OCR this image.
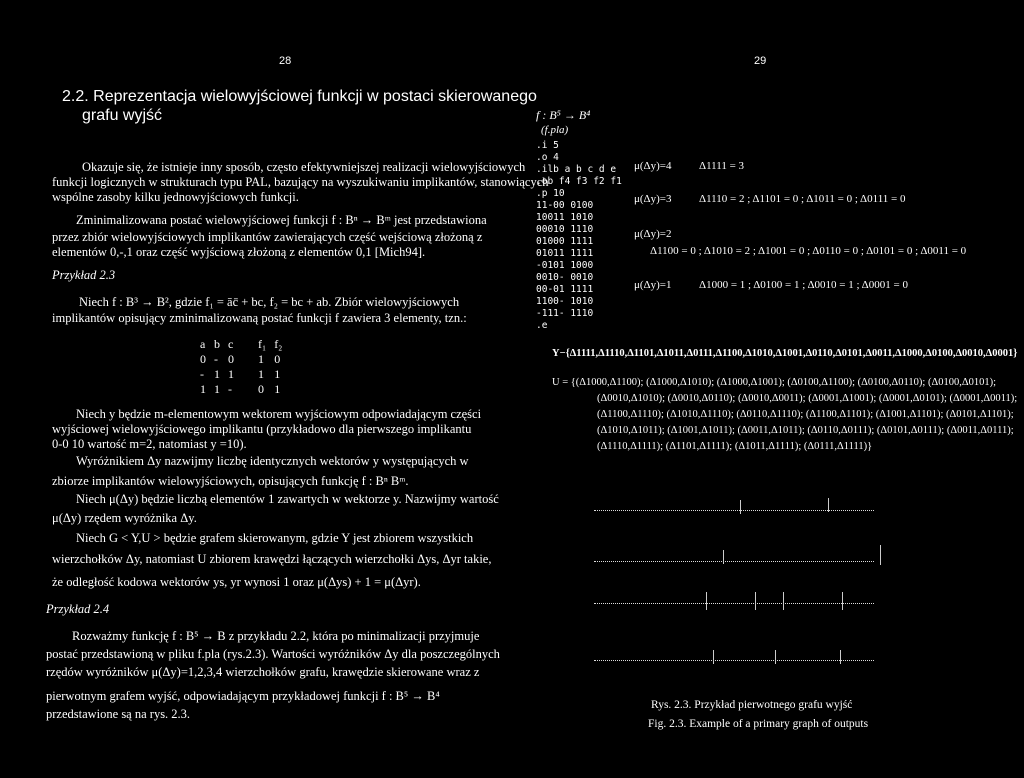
28	29
2.2. Reprezentacja wielowyjściowej funkcji w postaci skierowanego
grafu wyjść
Okazuje się, że istnieje inny sposób, często efektywniejszej realizacji wielowyjściowych
funkcji logicznych w strukturach typu PAL, bazujący na wyszukiwaniu implikantów, stanowiących
wspólne zasoby kilku jednowyjściowych funkcji.
Zminimalizowana postać wielowyjściowej funkcji f : Bⁿ → Bᵐ jest przedstawiona
przez zbiór wielowyjściowych implikantów zawierających część wejściową złożoną z
elementów 0,-,1 oraz część wyjściową złożoną z elementów 0,1 [Mich94].
Przykład 2.3
Niech f : B³ → B², gdzie f₁ = āc̄ + bc, f₂ = bc + ab. Zbiór wielowyjściowych
implikantów opisujący zminimalizowaną postać funkcji f zawiera 3 elementy, tzn.:
a	b	c	f₁	f₂
0	-	0	1	0
-	1	1	1	1
1	1	-	0	1
Niech y będzie m-elementowym wektorem wyjściowym odpowiadającym części
wyjściowej wielowyjściowego implikantu (przykładowo dla pierwszego implikantu
0-0 10 wartość m=2, natomiast y =10).
Wyróżnikiem Δy nazwijmy liczbę identycznych wektorów y występujących w
zbiorze implikantów wielowyjściowych, opisujących funkcję f : Bⁿ Bᵐ.
Niech μ(Δy) będzie liczbą elementów 1 zawartych w wektorze y. Nazwijmy wartość
μ(Δy) rzędem wyróżnika Δy.
Niech G < Y,U > będzie grafem skierowanym, gdzie Y jest zbiorem wszystkich
wierzchołków Δy, natomiast U zbiorem krawędzi łączących wierzchołki Δys, Δyr takie,
że odległość kodowa wektorów ys, yr wynosi 1 oraz μ(Δys) + 1 = μ(Δyr).
Przykład 2.4
Rozważmy funkcję f : B⁵ → B z przykładu 2.2, która po minimalizacji przyjmuje
postać przedstawioną w pliku f.pla (rys.2.3). Wartości wyróżników Δy dla poszczególnych
rzędów wyróżników μ(Δy)=1,2,3,4 wierzchołków grafu, krawędzie skierowane wraz z
pierwotnym grafem wyjść, odpowiadającym przykładowej funkcji f : B⁵ → B⁴
przedstawione są na rys. 2.3.
f : B⁵ → B⁴
(f.pla)
.i 5
.o 4
.ilb a b c d e
.ob f4 f3 f2 f1
.p 10
11-00 0100
10011 1010
00010 1110
01000 1111
01011 1111
-0101 1000
0010- 0010
00-01 1111
1100- 1010
-111- 1110
.e
μ(Δy)=4 Δ1111 = 3
μ(Δy)=3 Δ1110 = 2 ; Δ1101 = 0 ; Δ1011 = 0 ; Δ0111 = 0
μ(Δy)=2
Δ1100 = 0 ; Δ1010 = 2 ; Δ1001 = 0 ; Δ0110 = 0 ; Δ0101 = 0 ; Δ0011 = 0
μ(Δy)=1 Δ1000 = 1 ; Δ0100 = 1 ; Δ0010 = 1 ; Δ0001 = 0
Y−{Δ1111,Δ1110,Δ1101,Δ1011,Δ0111,Δ1100,Δ1010,Δ1001,Δ0110,Δ0101,Δ0011,Δ1000,Δ0100,Δ0010,Δ0001}
U = {(Δ1000,Δ1100); (Δ1000,Δ1010); (Δ1000,Δ1001); (Δ0100,Δ1100); (Δ0100,Δ0110); (Δ0100,Δ0101);
(Δ0010,Δ1010); (Δ0010,Δ0110); (Δ0010,Δ0011); (Δ0001,Δ1001); (Δ0001,Δ0101); (Δ0001,Δ0011);
(Δ1100,Δ1110); (Δ1010,Δ1110); (Δ0110,Δ1110); (Δ1100,Δ1101); (Δ1001,Δ1101); (Δ0101,Δ1101);
(Δ1010,Δ1011); (Δ1001,Δ1011); (Δ0011,Δ1011); (Δ0110,Δ0111); (Δ0101,Δ0111); (Δ0011,Δ0111);
(Δ1110,Δ1111); (Δ1101,Δ1111); (Δ1011,Δ1111); (Δ0111,Δ1111)}
Rys. 2.3. Przykład pierwotnego grafu wyjść
Fig. 2.3. Example of a primary graph of outputs
